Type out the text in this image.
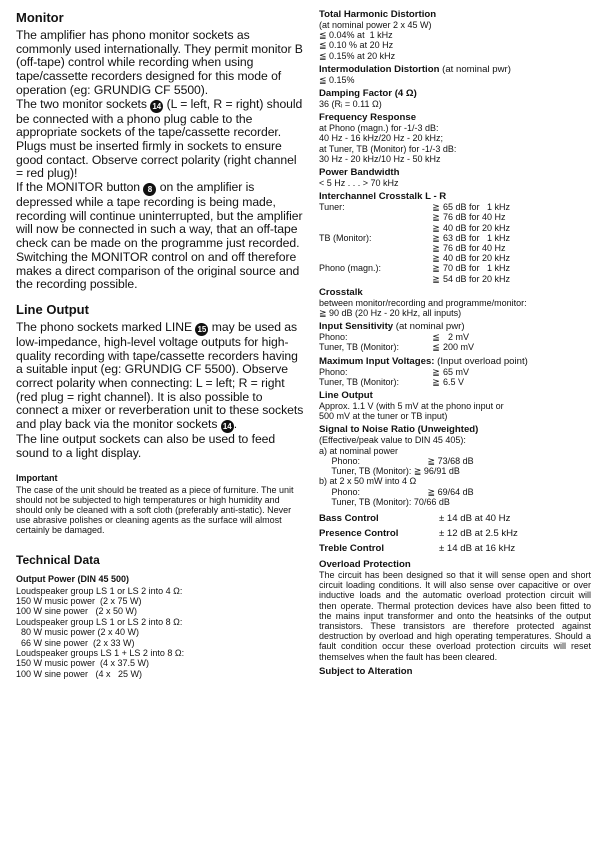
Monitor

The amplifier has phono monitor sockets as commonly used internationally. They permit monitor B (off-tape) control while recording when using tape/cassette recorders designed for this mode of operation (eg: GRUNDIG CF 5500).
The two monitor sockets 14 (L = left, R = right) should be connected with a phono plug cable to the appropriate sockets of the tape/cassette recorder. Plugs must be inserted firmly in sockets to ensure good contact. Observe correct polarity (right channel = red plug)!
If the MONITOR button 8 on the amplifier is depressed while a tape recording is being made, recording will continue uninterrupted, but the amplifier will now be connected in such a way, that an off-tape check can be made on the programme just recorded. Switching the MONITOR control on and off therefore makes a direct comparison of the original source and the recording possible.

Line Output

The phono sockets marked LINE 15 may be used as low-impedance, high-level voltage outputs for high-quality recording with tape/cassette recorders having a suitable input (eg: GRUNDIG CF 5500). Observe correct polarity when connecting: L = left; R = right (red plug = right channel). It is also possible to connect a mixer or reverberation unit to these sockets and play back via the monitor sockets 14 .
The line output sockets can also be used to feed sound to a light display.

Important

The case of the unit should be treated as a piece of furniture. The unit should not be subjected to high temperatures or high humidity and should only be cleaned with a soft cloth (preferably anti-static). Never use abrasive polishes or cleaning agents as the surface will almost certainly be damaged.

Technical Data

Output Power (DIN 45 500)

Loudspeaker group LS 1 or LS 2 into 4 Ω:

150 W music power  (2 x 75 W)

100 W sine power   (2 x 50 W)

Loudspeaker group LS 1 or LS 2 into 8 Ω:

80 W music power (2 x 40 W)

66 W sine power  (2 x 33 W)

Loudspeaker groups LS 1 + LS 2 into 8 Ω:

150 W music power  (4 x 37.5 W)

100 W sine power   (4 x   25 W)

Total Harmonic Distortion

(at nominal power 2 x 45 W)

≦ 0.04% at  1 kHz

≦ 0.10 % at 20 Hz

≦ 0.15% at 20 kHz

Intermodulation Distortion (at nominal pwr)

≦ 0.15%

Damping Factor (4 Ω)

36 (Rᵢ = 0.11 Ω)

Frequency Response

at Phono (magn.) for -1/-3 dB:

40 Hz - 16 kHz/20 Hz - 20 kHz;

at Tuner, TB (Monitor) for -1/-3 dB:

30 Hz - 20 kHz/10 Hz - 50 kHz

Power Bandwidth

< 5 Hz . . . > 70 kHz

Interchannel Crosstalk L - R

Tuner:	≧ 65 dB for   1 kHz
≧ 76 dB for 40 Hz
≧ 40 dB for 20 kHz
TB (Monitor):	≧ 63 dB for   1 kHz
≧ 76 dB for 40 Hz
≧ 40 dB for 20 kHz
Phono (magn.):	≧ 70 dB for   1 kHz
≧ 54 dB for 20 kHz

Crosstalk

between monitor/recording and programme/monitor:

≧ 90 dB (20 Hz - 20 kHz, all inputs)

Input Sensitivity (at nominal pwr)

Phono:	≦ 2 mV
Tuner, TB (Monitor):	≦ 200 mV

Maximum Input Voltages: (Input overload point)

Phono:	≧ 65 mV
Tuner, TB (Monitor):	≧ 6.5 V

Line Output

Approx. 1.1 V (with 5 mV at the phono input or

500 mV at the tuner or TB input)

Signal to Noise Ratio (Unweighted)

(Effective/peak value to DIN 45 405):

a) at nominal power

Phono:                           ≧ 73/68 dB

Tuner, TB (Monitor): ≧ 96/91 dB

b) at 2 x 50 mW into 4 Ω

Phono:                           ≧ 69/64 dB

Tuner, TB (Monitor): 70/66 dB

Bass Control	± 14 dB at 40 Hz
Presence Control	± 12 dB at 2.5 kHz
Treble Control	± 14 dB at 16 kHz

Overload Protection

The circuit has been designed so that it will sense open and short circuit loading conditions. It will also sense over capacitive or over inductive loads and the automatic overload protection circuit will then operate. Thermal protection devices have also been fitted to the mains input transformer and onto the heatsinks of the output transistors. These transistors are therefore protected against destruction by overload and high operating temperatures. Should a fault condition occur these overload protection circuits will reset themselves when the fault has been cleared.

Subject to Alteration
